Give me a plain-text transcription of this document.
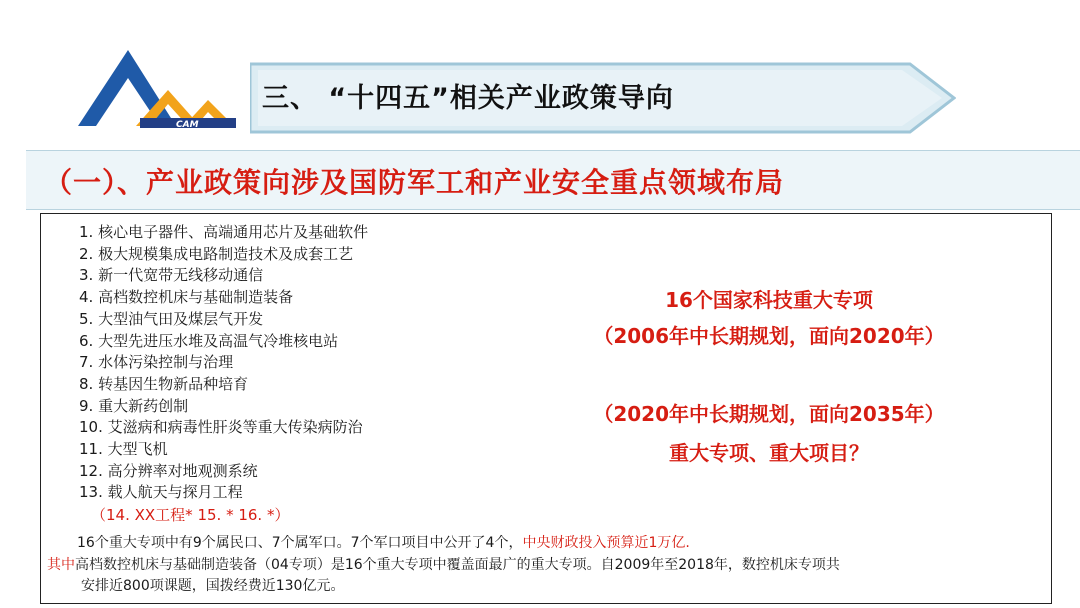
CAM
三、 “十四五”相关产业政策导向
（一）、产业政策向涉及国防军工和产业安全重点领域布局
1. 核心电子器件、高端通用芯片及基础软件
2. 极大规模集成电路制造技术及成套工艺
3. 新一代宽带无线移动通信
4. 高档数控机床与基础制造装备
5. 大型油气田及煤层气开发
6. 大型先进压水堆及高温气冷堆核电站
7. 水体污染控制与治理
8. 转基因生物新品种培育
9. 重大新药创制
10. 艾滋病和病毒性肝炎等重大传染病防治
11. 大型飞机
12. 高分辨率对地观测系统
13. 载人航天与探月工程
（14. XX工程* 15. * 16. *）
16个国家科技重大专项
（2006年中长期规划，面向2020年）
（2020年中长期规划，面向2035年）
重大专项、重大项目？
16个重大专项中有9个属民口、7个属军口。7个军口项目中公开了4个，中央财政投入预算近1万亿.
其中高档数控机床与基础制造装备（04专项）是16个重大专项中覆盖面最广的重大专项。自2009年至2018年，数控机床专项共
安排近800项课题，国拨经费近130亿元。
